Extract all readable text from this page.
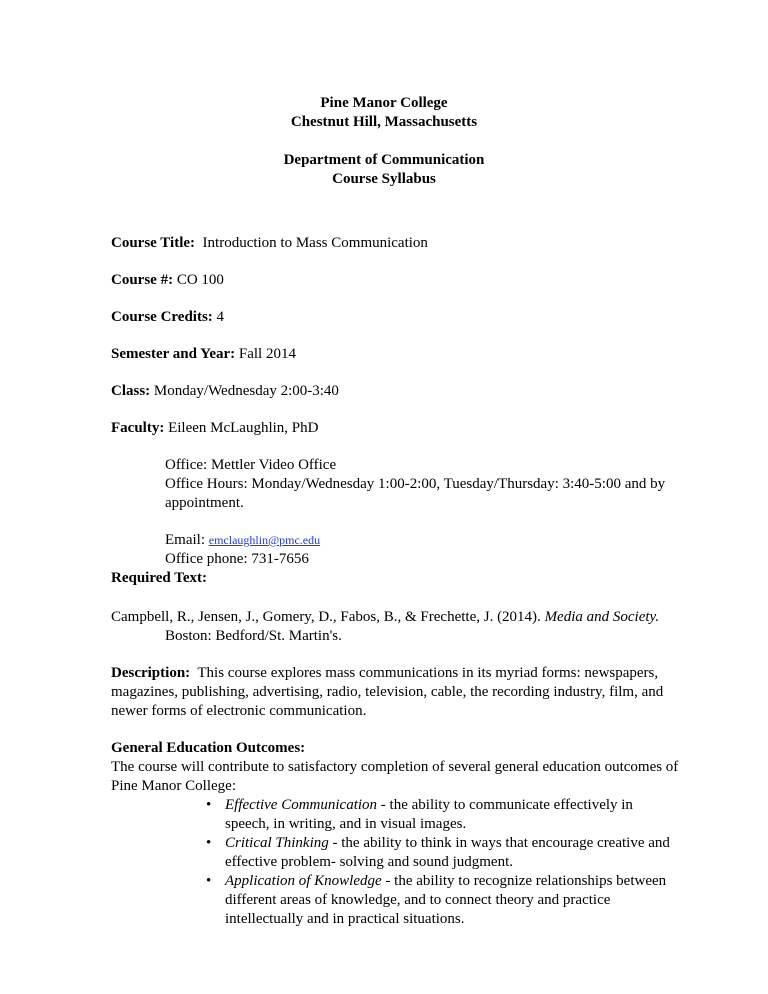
Pine Manor College
Chestnut Hill, Massachusetts
Department of Communication
Course Syllabus

Course Title: Introduction to Mass Communication

Course #: CO 100

Course Credits: 4

Semester and Year: Fall 2014

Class: Monday/Wednesday 2:00-3:40

Faculty: Eileen McLaughlin, PhD

Office: Mettler Video Office

Office Hours: Monday/Wednesday 1:00-2:00, Tuesday/Thursday: 3:40-5:00 and by appointment.

Email: emclaughlin@pmc.edu

Office phone: 731-7656

Required Text:

Campbell, R., Jensen, J., Gomery, D., Fabos, B., & Frechette, J. (2014). Media and Society. Boston: Bedford/St. Martin's.

Description: This course explores mass communications in its myriad forms: newspapers, magazines, publishing, advertising, radio, television, cable, the recording industry, film, and newer forms of electronic communication.

General Education Outcomes:

The course will contribute to satisfactory completion of several general education outcomes of Pine Manor College:

• Effective Communication - the ability to communicate effectively in speech, in writing, and in visual images.
• Critical Thinking - the ability to think in ways that encourage creative and effective problem- solving and sound judgment.
• Application of Knowledge - the ability to recognize relationships between different areas of knowledge, and to connect theory and practice intellectually and in practical situations.
